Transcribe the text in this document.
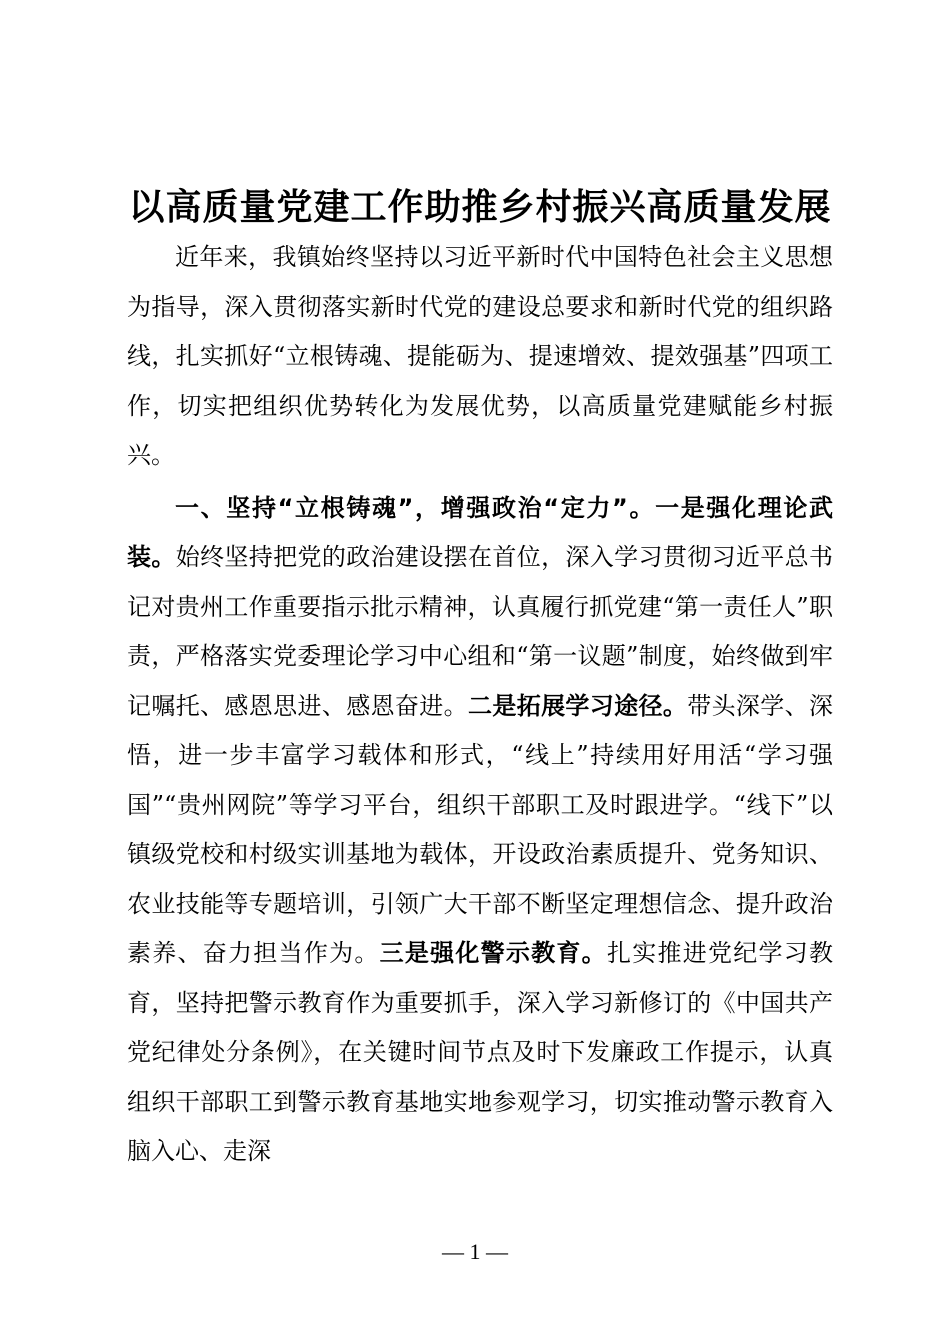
以高质量党建工作助推乡村振兴高质量发展

近年来，我镇始终坚持以习近平新时代中国特色社会主义思想为指导，深入贯彻落实新时代党的建设总要求和新时代党的组织路线，扎实抓好“立根铸魂、提能砺为、提速增效、提效强基”四项工作，切实把组织优势转化为发展优势，以高质量党建赋能乡村振兴。

一、坚持“立根铸魂”，增强政治“定力”。一是强化理论武装。始终坚持把党的政治建设摆在首位，深入学习贯彻习近平总书记对贵州工作重要指示批示精神，认真履行抓党建“第一责任人”职责，严格落实党委理论学习中心组和“第一议题”制度，始终做到牢记嘱托、感恩思进、感恩奋进。二是拓展学习途径。带头深学、深悟，进一步丰富学习载体和形式，“线上”持续用好用活“学习强国”“贵州网院”等学习平台，组织干部职工及时跟进学。“线下”以镇级党校和村级实训基地为载体，开设政治素质提升、党务知识、农业技能等专题培训，引领广大干部不断坚定理想信念、提升政治素养、奋力担当作为。三是强化警示教育。扎实推进党纪学习教育，坚持把警示教育作为重要抓手，深入学习新修订的《中国共产党纪律处分条例》，在关键时间节点及时下发廉政工作提示，认真组织干部职工到警示教育基地实地参观学习，切实推动警示教育入脑入心、走深

— 1 —
